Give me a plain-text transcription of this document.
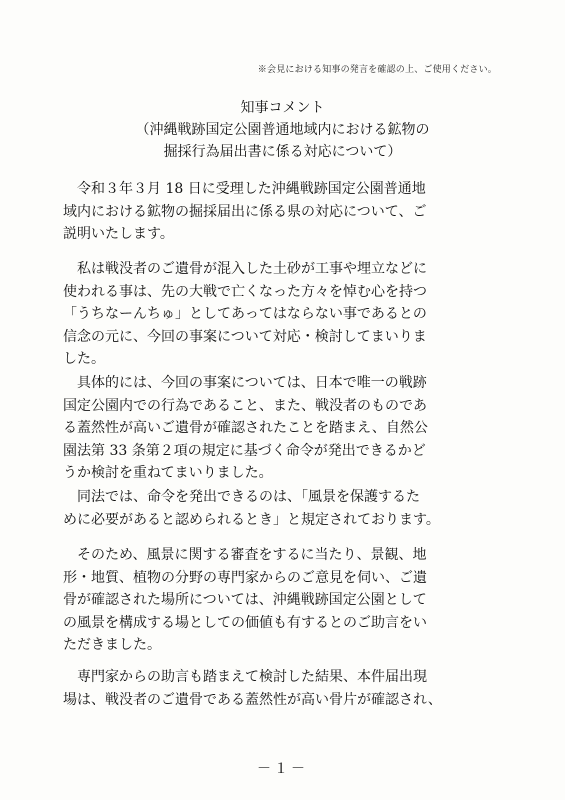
※会見における知事の発言を確認の上、ご使用ください。
知事コメント
（沖縄戦跡国定公園普通地域内における鉱物の
掘採行為届出書に係る対応について）
　令和３年３月 18 日に受理した沖縄戦跡国定公園普通地
域内における鉱物の掘採届出に係る県の対応について、ご
説明いたします。
　私は戦没者のご遺骨が混入した土砂が工事や埋立などに
使われる事は、先の大戦で亡くなった方々を悼む心を持つ
「うちなーんちゅ」としてあってはならない事であるとの
信念の元に、今回の事案について対応・検討してまいりま
した。
　具体的には、今回の事案については、日本で唯一の戦跡
国定公園内での行為であること、また、戦没者のものであ
る蓋然性が高いご遺骨が確認されたことを踏まえ、自然公
園法第 33 条第２項の規定に基づく命令が発出できるかど
うか検討を重ねてまいりました。
　同法では、命令を発出できるのは、「風景を保護するた
めに必要があると認められるとき」と規定されております。
　そのため、風景に関する審査をするに当たり、景観、地
形・地質、植物の分野の専門家からのご意見を伺い、ご遺
骨が確認された場所については、沖縄戦跡国定公園として
の風景を構成する場としての価値も有するとのご助言をい
ただきました。
　専門家からの助言も踏まえて検討した結果、本件届出現
場は、戦没者のご遺骨である蓋然性が高い骨片が確認され、
－１－
